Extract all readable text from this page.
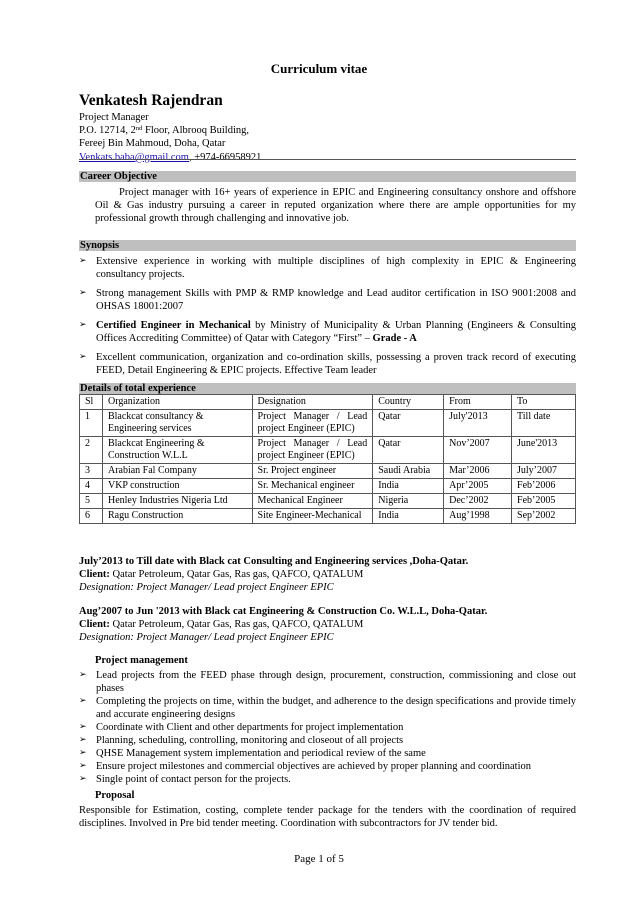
Curriculum vitae
Venkatesh Rajendran
Project Manager
P.O. 12714, 2nd Floor, Albrooq Building,
Fereej Bin Mahmoud, Doha, Qatar
Venkats.baba@gmail.com, +974-66958921
Career Objective
Project manager with 16+ years of experience in EPIC and Engineering consultancy onshore and offshore Oil & Gas industry pursuing a career in reputed organization where there are ample opportunities for my professional growth through challenging and innovative job.
Synopsis
➢ Extensive experience in working with multiple disciplines of high complexity in EPIC & Engineering consultancy projects.
➢ Strong management Skills with PMP & RMP knowledge and Lead auditor certification in ISO 9001:2008 and OHSAS 18001:2007
➢ Certified Engineer in Mechanical by Ministry of Municipality & Urban Planning (Engineers & Consulting Offices Accrediting Committee) of Qatar with Category “First” – Grade - A
➢ Excellent communication, organization and co-ordination skills, possessing a proven track record of executing FEED, Detail Engineering & EPIC projects. Effective Team leader
Details of total experience
Sl	Organization	Designation	Country	From	To
1	Blackcat consultancy & Engineering services	Project Manager / Lead project Engineer (EPIC)	Qatar	July'2013	Till date
2	Blackcat Engineering & Construction W.L.L	Project Manager / Lead project Engineer (EPIC)	Qatar	Nov’2007	June'2013
3	Arabian Fal Company	Sr. Project engineer	Saudi Arabia	Mar’2006	July’2007
4	VKP construction	Sr. Mechanical engineer	India	Apr’2005	Feb’2006
5	Henley Industries Nigeria Ltd	Mechanical Engineer	Nigeria	Dec’2002	Feb’2005
6	Ragu Construction	Site Engineer-Mechanical	India	Aug’1998	Sep’2002
July’2013 to Till date with Black cat Consulting and Engineering services ,Doha-Qatar.
Client: Qatar Petroleum, Qatar Gas, Ras gas, QAFCO, QATALUM
Designation: Project Manager/ Lead project Engineer EPIC
Aug’2007 to Jun '2013 with Black cat Engineering & Construction Co. W.L.L, Doha-Qatar.
Client: Qatar Petroleum, Qatar Gas, Ras gas, QAFCO, QATALUM
Designation: Project Manager/ Lead project Engineer EPIC
Project management
➢ Lead projects from the FEED phase through design, procurement, construction, commissioning and close out phases
➢ Completing the projects on time, within the budget, and adherence to the design specifications and provide timely and accurate engineering designs
➢ Coordinate with Client and other departments for project implementation
➢ Planning, scheduling, controlling, monitoring and closeout of all projects
➢ QHSE Management system implementation and periodical review of the same
➢ Ensure project milestones and commercial objectives are achieved by proper planning and coordination
➢ Single point of contact person for the projects.
Proposal
Responsible for Estimation, costing, complete tender package for the tenders with the coordination of required disciplines. Involved in Pre bid tender meeting. Coordination with subcontractors for JV tender bid.
Page 1 of 5
